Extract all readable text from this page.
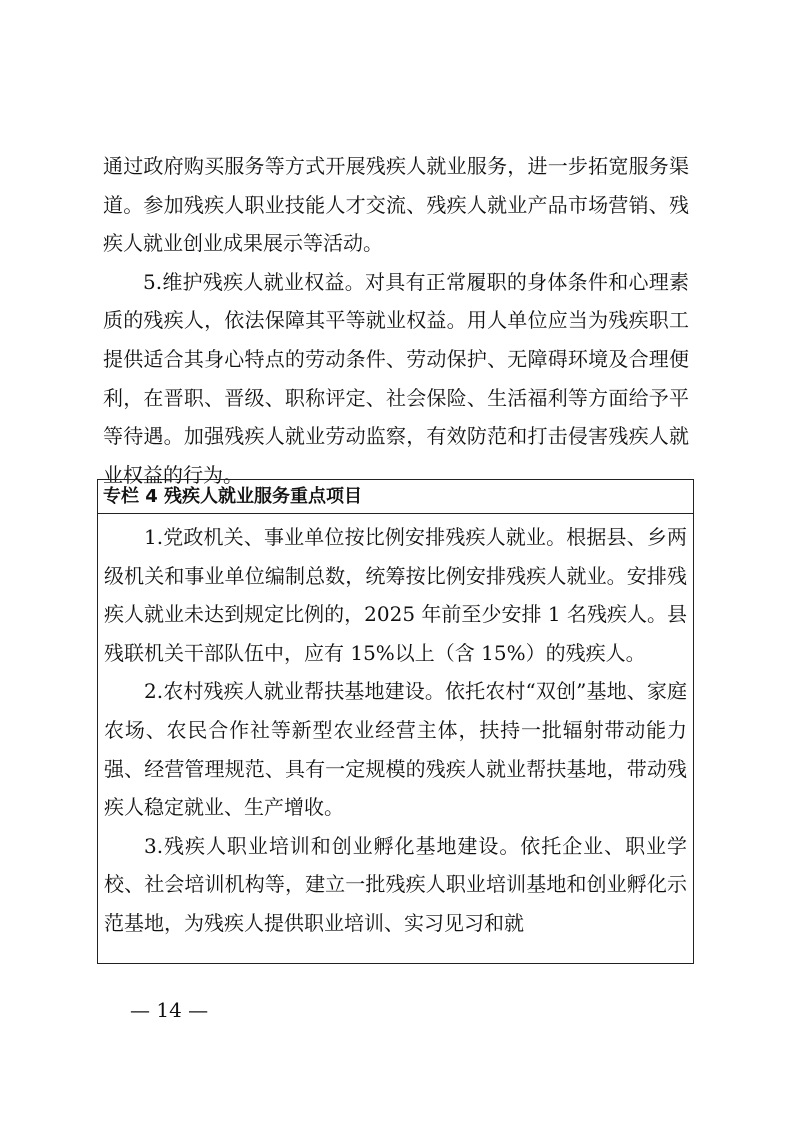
通过政府购买服务等方式开展残疾人就业服务，进一步拓宽服务渠道。参加残疾人职业技能人才交流、残疾人就业产品市场营销、残疾人就业创业成果展示等活动。

5.维护残疾人就业权益。对具有正常履职的身体条件和心理素质的残疾人，依法保障其平等就业权益。用人单位应当为残疾职工提供适合其身心特点的劳动条件、劳动保护、无障碍环境及合理便利，在晋职、晋级、职称评定、社会保险、生活福利等方面给予平等待遇。加强残疾人就业劳动监察，有效防范和打击侵害残疾人就业权益的行为。

专栏 4 残疾人就业服务重点项目

1.党政机关、事业单位按比例安排残疾人就业。根据县、乡两级机关和事业单位编制总数，统筹按比例安排残疾人就业。安排残疾人就业未达到规定比例的，2025 年前至少安排 1 名残疾人。县残联机关干部队伍中，应有 15%以上（含 15%）的残疾人。

2.农村残疾人就业帮扶基地建设。依托农村“双创”基地、家庭农场、农民合作社等新型农业经营主体，扶持一批辐射带动能力强、经营管理规范、具有一定规模的残疾人就业帮扶基地，带动残疾人稳定就业、生产增收。

3.残疾人职业培训和创业孵化基地建设。依托企业、职业学校、社会培训机构等，建立一批残疾人职业培训基地和创业孵化示范基地，为残疾人提供职业培训、实习见习和就

— 14 —
